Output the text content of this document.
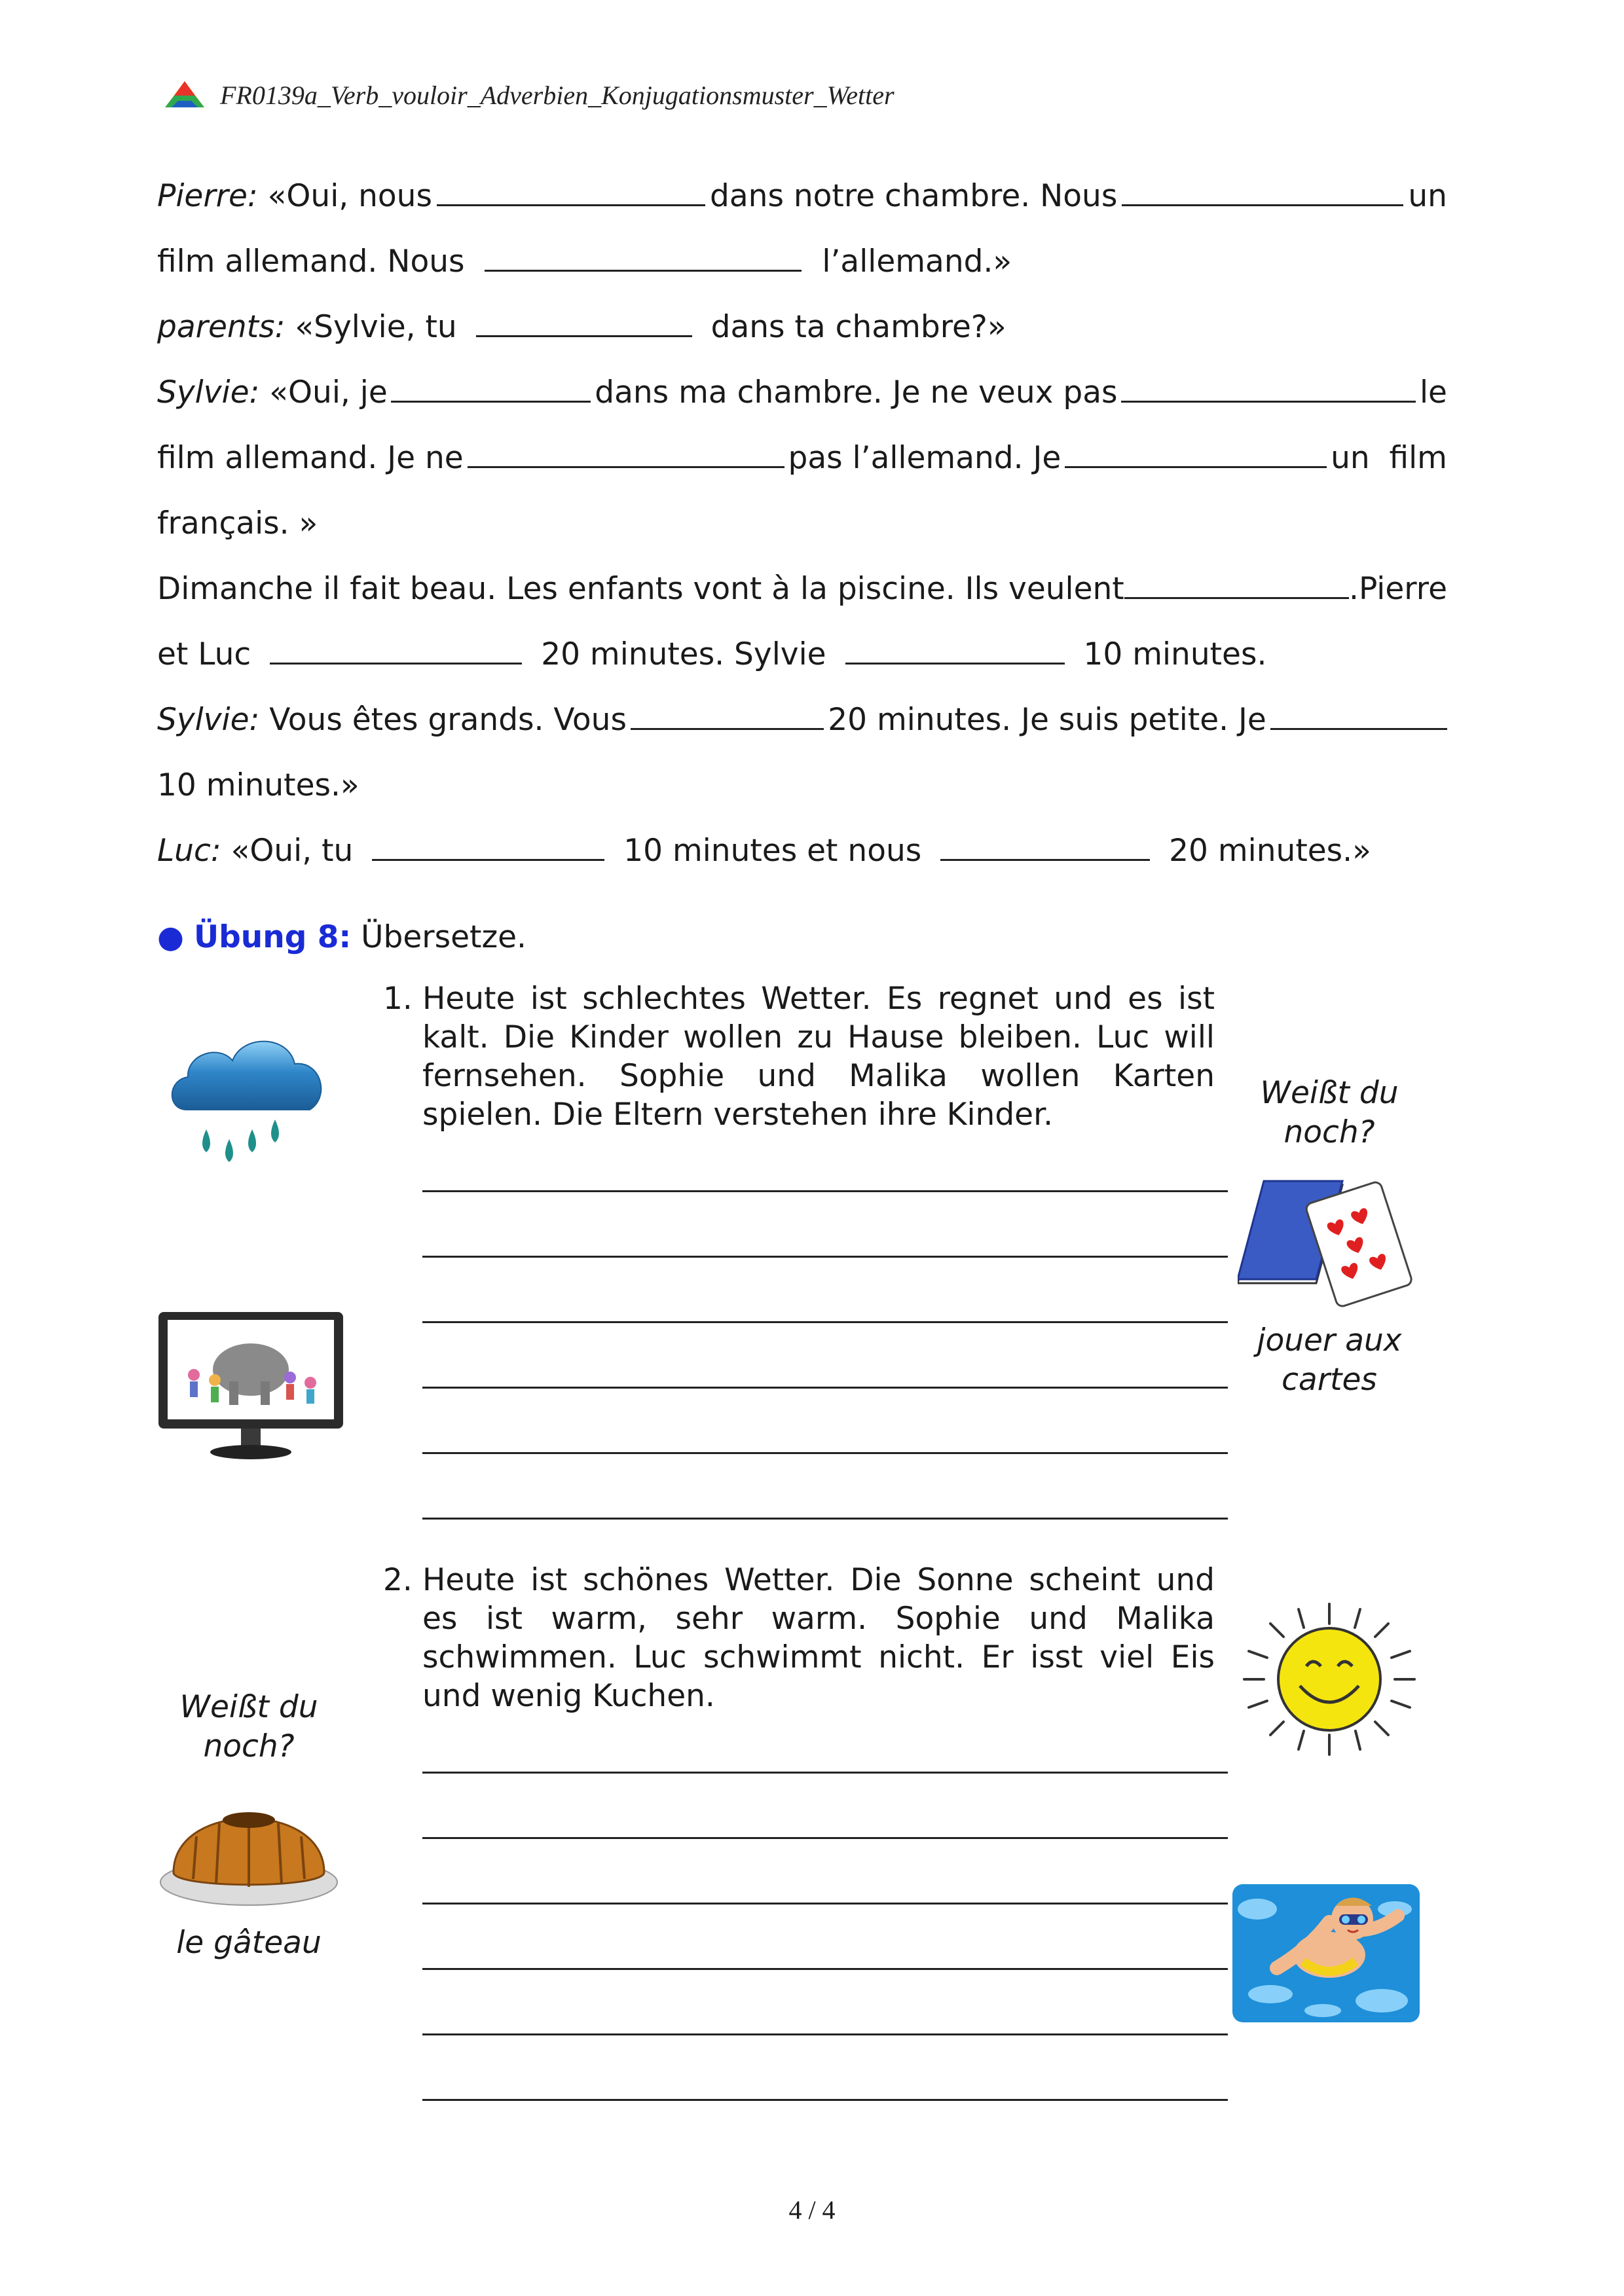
FR0139a_Verb_vouloir_Adverbien_Konjugationsmuster_Wetter
Pierre: «Oui, nous	dans notre chambre. Nous	un
film allemand. Nous	l’allemand.»
parents: «Sylvie, tu	dans ta chambre?»
Sylvie: «Oui, je	dans ma chambre. Je ne veux pas	le
film allemand. Je ne	pas l’allemand. Je	un  film
français. »
Dimanche il fait beau. Les enfants vont à la piscine. Ils veulent	. Pierre
et Luc	20 minutes. Sylvie	10 minutes.
Sylvie: Vous êtes grands. Vous	20 minutes. Je suis petite. Je
10 minutes.»
Luc: «Oui, tu	10 minutes et nous	20 minutes.»
● Übung 8: Übersetze.
1. Heute ist schlechtes Wetter. Es regnet und es ist kalt. Die Kinder wollen zu Hause bleiben. Luc will fernsehen. Sophie und Malika wollen Karten spielen. Die Eltern verstehen ihre Kinder.
2. Heute ist schönes Wetter. Die Sonne scheint und es ist warm, sehr warm. Sophie und Malika schwimmen. Luc schwimmt nicht. Er isst viel Eis und wenig Kuchen.
Weißt du noch?
jouer aux cartes
Weißt du noch?
le gâteau
4 / 4
